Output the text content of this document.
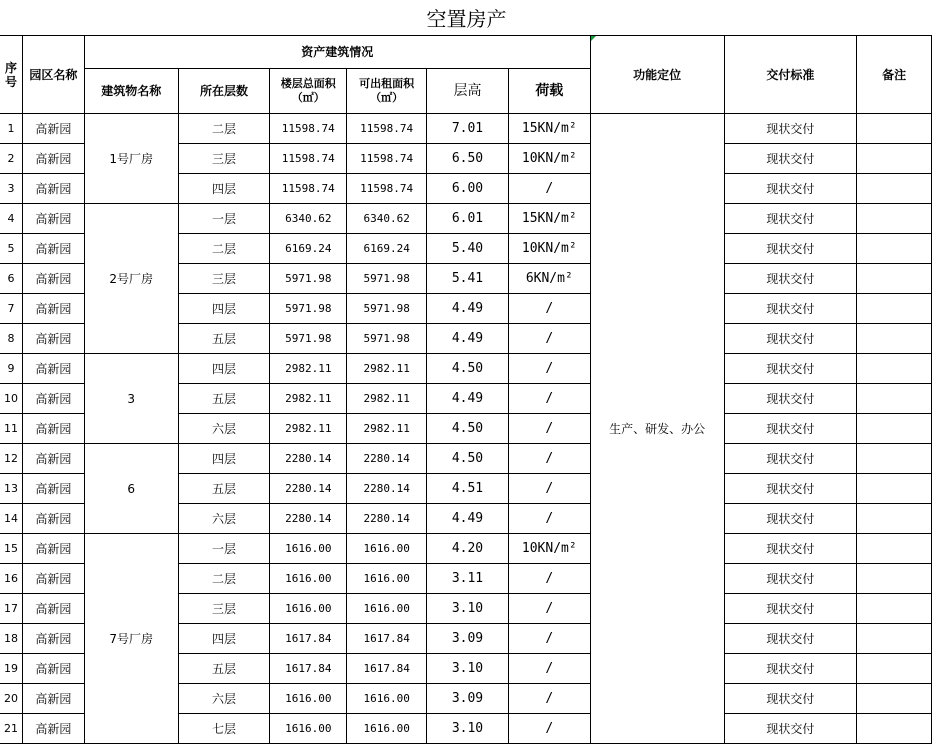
空置房产
序号	园区名称	资产建筑情况						功能定位	交付标准	备注
		建筑物名称	所在层数	楼层总面积（㎡）	可出租面积（㎡）	层高	荷载			
1	高新园	1号厂房	二层	11598.74	11598.74	7.01	15KN/m²	生产、研发、办公	现状交付	
2	高新园		三层	11598.74	11598.74	6.50	10KN/m²		现状交付	
3	高新园		四层	11598.74	11598.74	6.00	/		现状交付	
4	高新园	2号厂房	一层	6340.62	6340.62	6.01	15KN/m²		现状交付	
5	高新园		二层	6169.24	6169.24	5.40	10KN/m²		现状交付	
6	高新园		三层	5971.98	5971.98	5.41	6KN/m²		现状交付	
7	高新园		四层	5971.98	5971.98	4.49	/		现状交付	
8	高新园		五层	5971.98	5971.98	4.49	/		现状交付	
9	高新园	3	四层	2982.11	2982.11	4.50	/		现状交付	
10	高新园		五层	2982.11	2982.11	4.49	/		现状交付	
11	高新园		六层	2982.11	2982.11	4.50	/		现状交付	
12	高新园	6	四层	2280.14	2280.14	4.50	/		现状交付	
13	高新园		五层	2280.14	2280.14	4.51	/		现状交付	
14	高新园		六层	2280.14	2280.14	4.49	/		现状交付	
15	高新园	7号厂房	一层	1616.00	1616.00	4.20	10KN/m²		现状交付	
16	高新园		二层	1616.00	1616.00	3.11	/		现状交付	
17	高新园		三层	1616.00	1616.00	3.10	/		现状交付	
18	高新园		四层	1617.84	1617.84	3.09	/		现状交付	
19	高新园		五层	1617.84	1617.84	3.10	/		现状交付	
20	高新园		六层	1616.00	1616.00	3.09	/		现状交付	
21	高新园		七层	1616.00	1616.00	3.10	/		现状交付	
